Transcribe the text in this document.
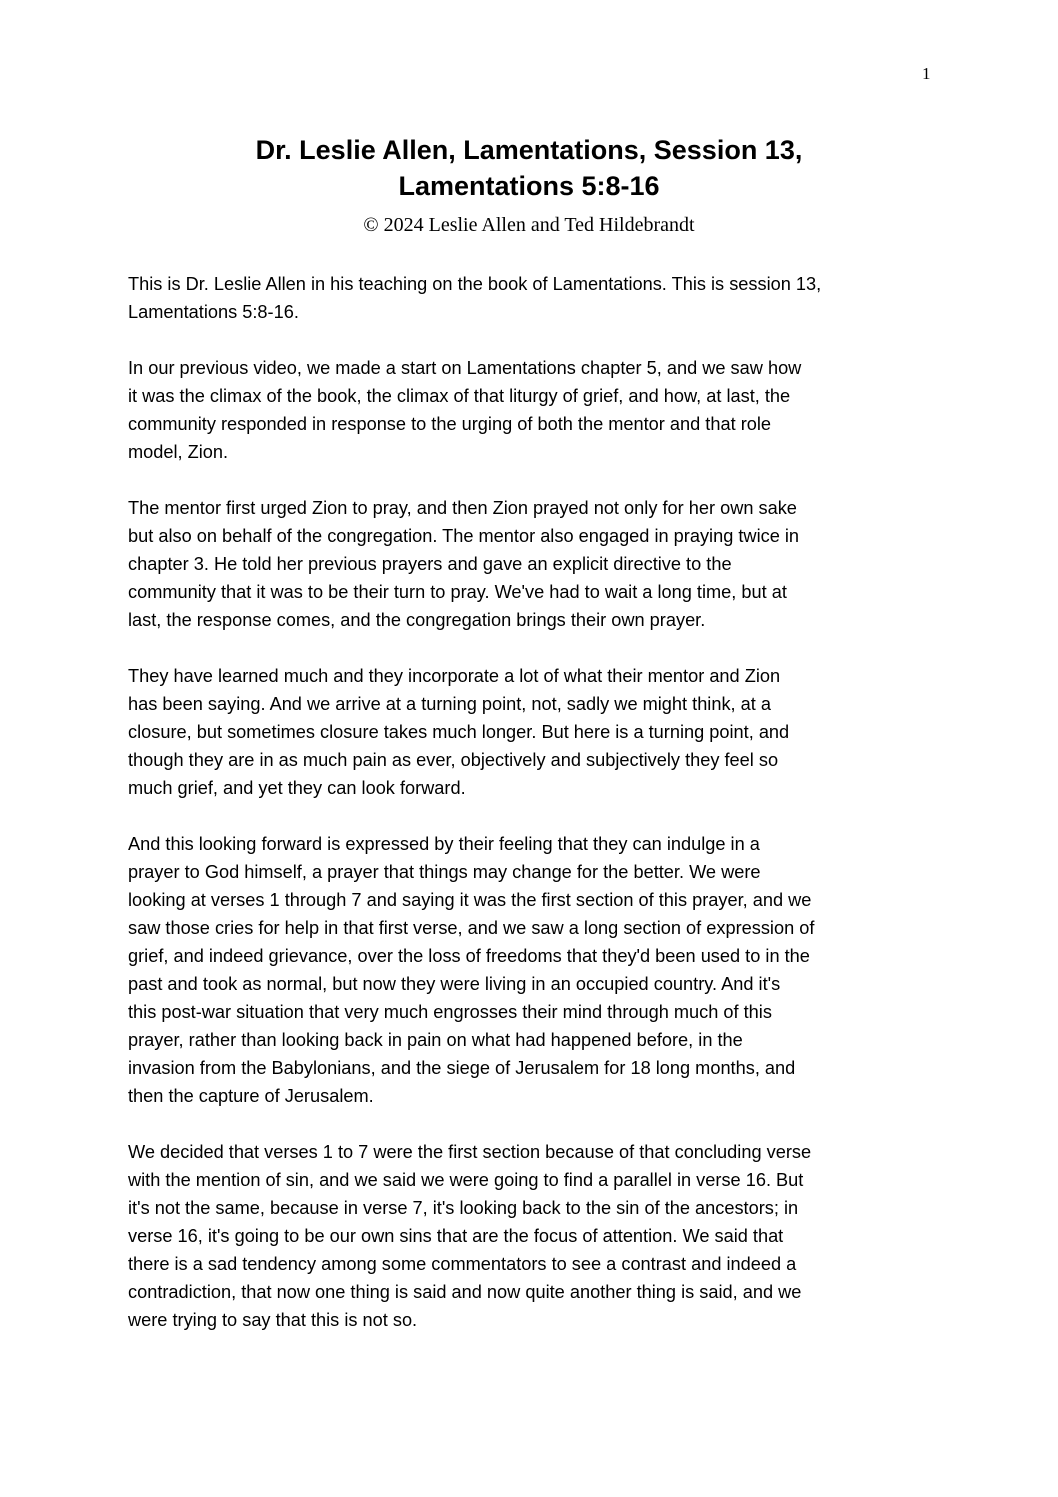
1
Dr. Leslie Allen, Lamentations, Session 13,
Lamentations 5:8-16
© 2024 Leslie Allen and Ted Hildebrandt

This is Dr. Leslie Allen in his teaching on the book of Lamentations. This is session 13,
Lamentations 5:8-16.

In our previous video, we made a start on Lamentations chapter 5, and we saw how
it was the climax of the book, the climax of that liturgy of grief, and how, at last, the
community responded in response to the urging of both the mentor and that role
model, Zion.

The mentor first urged Zion to pray, and then Zion prayed not only for her own sake
but also on behalf of the congregation. The mentor also engaged in praying twice in
chapter 3. He told her previous prayers and gave an explicit directive to the
community that it was to be their turn to pray. We've had to wait a long time, but at
last, the response comes, and the congregation brings their own prayer.

They have learned much and they incorporate a lot of what their mentor and Zion
has been saying. And we arrive at a turning point, not, sadly we might think, at a
closure, but sometimes closure takes much longer. But here is a turning point, and
though they are in as much pain as ever, objectively and subjectively they feel so
much grief, and yet they can look forward.

And this looking forward is expressed by their feeling that they can indulge in a
prayer to God himself, a prayer that things may change for the better. We were
looking at verses 1 through 7 and saying it was the first section of this prayer, and we
saw those cries for help in that first verse, and we saw a long section of expression of
grief, and indeed grievance, over the loss of freedoms that they'd been used to in the
past and took as normal, but now they were living in an occupied country. And it's
this post-war situation that very much engrosses their mind through much of this
prayer, rather than looking back in pain on what had happened before, in the
invasion from the Babylonians, and the siege of Jerusalem for 18 long months, and
then the capture of Jerusalem.

We decided that verses 1 to 7 were the first section because of that concluding verse
with the mention of sin, and we said we were going to find a parallel in verse 16. But
it's not the same, because in verse 7, it's looking back to the sin of the ancestors; in
verse 16, it's going to be our own sins that are the focus of attention. We said that
there is a sad tendency among some commentators to see a contrast and indeed a
contradiction, that now one thing is said and now quite another thing is said, and we
were trying to say that this is not so.
